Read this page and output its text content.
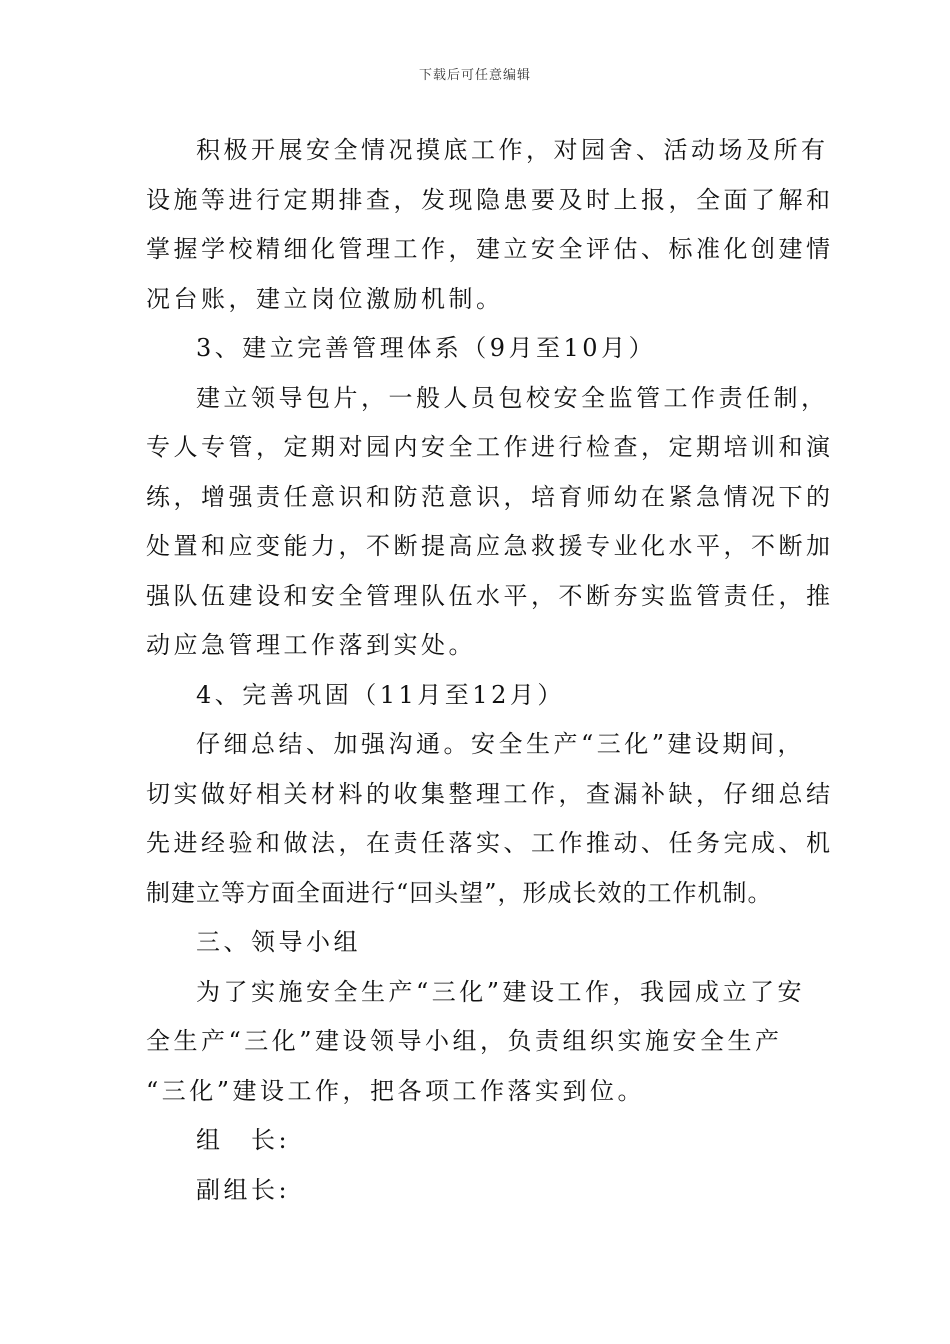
下载后可任意编辑
积极开展安全情况摸底工作，对园舍、活动场及所有
设施等进行定期排查，发现隐患要及时上报，全面了解和
掌握学校精细化管理工作，建立安全评估、标准化创建情
况台账，建立岗位激励机制。
3、建立完善管理体系（9月至10月）
建立领导包片，一般人员包校安全监管工作责任制，
专人专管，定期对园内安全工作进行检查，定期培训和演
练，增强责任意识和防范意识，培育师幼在紧急情况下的
处置和应变能力，不断提高应急救援专业化水平，不断加
强队伍建设和安全管理队伍水平，不断夯实监管责任，推
动应急管理工作落到实处。
4、完善巩固（11月至12月）
仔细总结、加强沟通。安全生产“三化”建设期间，
切实做好相关材料的收集整理工作，查漏补缺，仔细总结
先进经验和做法，在责任落实、工作推动、任务完成、机
制建立等方面全面进行“回头望”，形成长效的工作机制。
三、领导小组
为了实施安全生产“三化”建设工作，我园成立了安
全生产“三化”建设领导小组，负责组织实施安全生产
“三化”建设工作，把各项工作落实到位。
组　长:
副组长:
